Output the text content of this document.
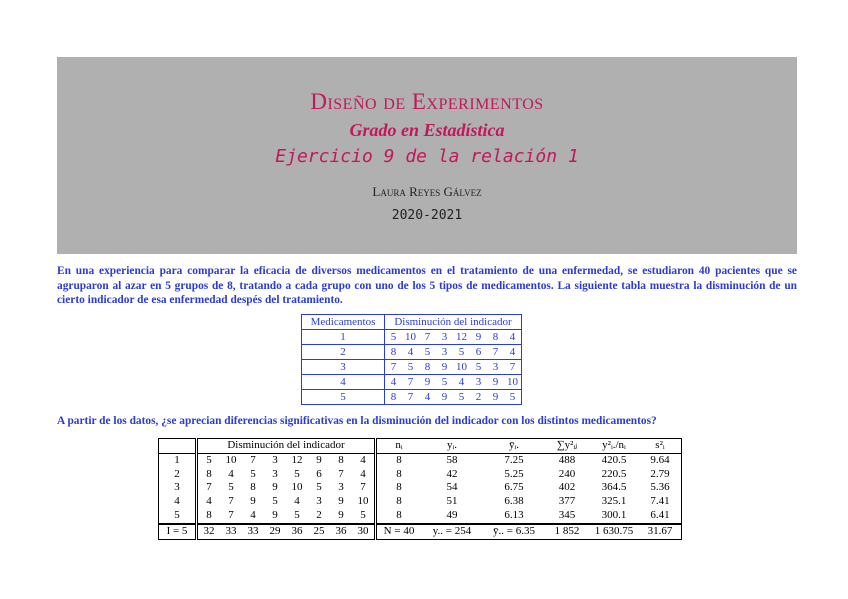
Diseño de Experimentos
Grado en Estadística
Ejercicio 9 de la relación 1
Laura Reyes Gálvez
2020-2021
En una experiencia para comparar la eficacia de diversos medicamentos en el tratamiento de una enfermedad, se estudiaron 40 pacientes que se agruparon al azar en 5 grupos de 8, tratando a cada grupo con uno de los 5 tipos de medicamentos. La siguiente tabla muestra la disminución de un cierto indicador de esa enfermedad despés del tratamiento.
Medicamentos	Disminución del indicador							
1	5	10	7	3	12	9	8	4
2	8	4	5	3	5	6	7	4
3	7	5	8	9	10	5	3	7
4	4	7	9	5	4	3	9	10
5	8	7	4	9	5	2	9	5
A partir de los datos, ¿se aprecian diferencias significativas en la disminución del indicador con los distintos medicamentos?
	Disminución del indicador								nᵢ	yᵢ.	ȳᵢ.	∑y²ᵢⱼ	y²ᵢ./nᵢ	s²ᵢ
1	5	10	7	3	12	9	8	4	8	58	7.25	488	420.5	9.64
2	8	4	5	3	5	6	7	4	8	42	5.25	240	220.5	2.79
3	7	5	8	9	10	5	3	7	8	54	6.75	402	364.5	5.36
4	4	7	9	5	4	3	9	10	8	51	6.38	377	325.1	7.41
5	8	7	4	9	5	2	9	5	8	49	6.13	345	300.1	6.41
I = 5	32	33	33	29	36	25	36	30	N = 40	y.. = 254	ȳ.. = 6.35	1 852	1 630.75	31.67
